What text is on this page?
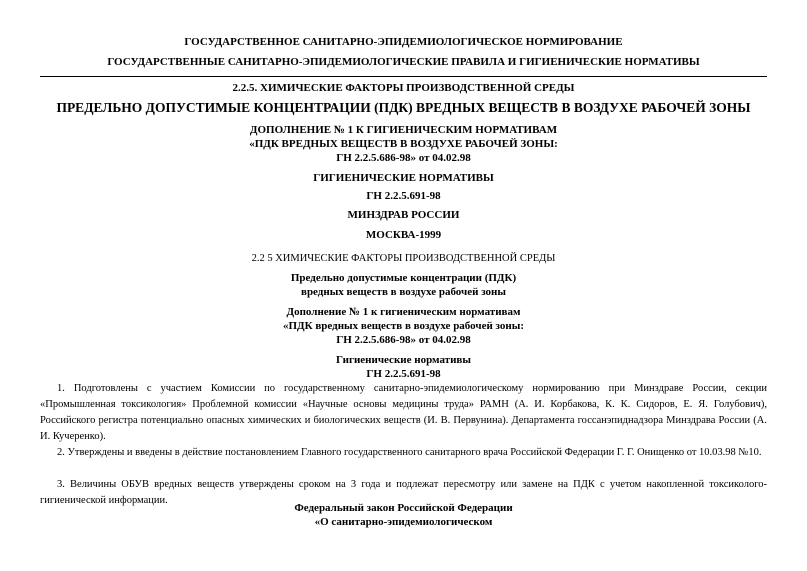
ГОСУДАРСТВЕННОЕ САНИТАРНО-ЭПИДЕМИОЛОГИЧЕСКОЕ НОРМИРОВАНИЕ
ГОСУДАРСТВЕННЫЕ САНИТАРНО-ЭПИДЕМИОЛОГИЧЕСКИЕ ПРАВИЛА И ГИГИЕНИЧЕСКИЕ НОРМАТИВЫ
2.2.5. ХИМИЧЕСКИЕ ФАКТОРЫ ПРОИЗВОДСТВЕННОЙ СРЕДЫ
ПРЕДЕЛЬНО ДОПУСТИМЫЕ КОНЦЕНТРАЦИИ (ПДК) ВРЕДНЫХ ВЕЩЕСТВ В ВОЗДУХЕ РАБОЧЕЙ ЗОНЫ
ДОПОЛНЕНИЕ № 1 К ГИГИЕНИЧЕСКИМ НОРМАТИВАМ
«ПДК ВРЕДНЫХ ВЕЩЕСТВ В ВОЗДУХЕ РАБОЧЕЙ ЗОНЫ:
ГН 2.2.5.686-98» от 04.02.98
ГИГИЕНИЧЕСКИЕ НОРМАТИВЫ
ГН 2.2.5.691-98
МИНЗДРАВ РОССИИ
МОСКВА-1999
2.2 5 ХИМИЧЕСКИЕ ФАКТОРЫ ПРОИЗВОДСТВЕННОЙ СРЕДЫ
Предельно допустимые концентрации (ПДК)
вредных веществ в воздухе рабочей зоны
Дополнение № 1 к гигиеническим нормативам
«ПДК вредных веществ в воздухе рабочей зоны:
ГН 2.2.5.686-98» от 04.02.98
Гигиенические нормативы
ГН 2.2.5.691-98
1. Подготовлены с участием Комиссии по государственному санитарно-эпидемиологическому нормированию при Минздраве России, секции «Промышленная токсикология» Проблемной комиссии «Научные основы медицины труда» РАМН (А. И. Корбакова, К. К. Сидоров, Е. Я. Голубович), Российского регистра потенциально опасных химических и биологических веществ (И. В. Первунина). Департамента госсанэпиднадзора Минздрава России (А. И. Кучеренко).
2. Утверждены и введены в действие постановлением Главного государственного санитарного врача Российской Федерации Г. Г. Онищенко от 10.03.98 №10.
3. Величины ОБУВ вредных веществ утверждены сроком на 3 года и подлежат пересмотру или замене на ПДК с учетом накопленной токсиколого-гигиенической информации.
Федеральный закон Российской Федерации
«О санитарно-эпидемиологическом
